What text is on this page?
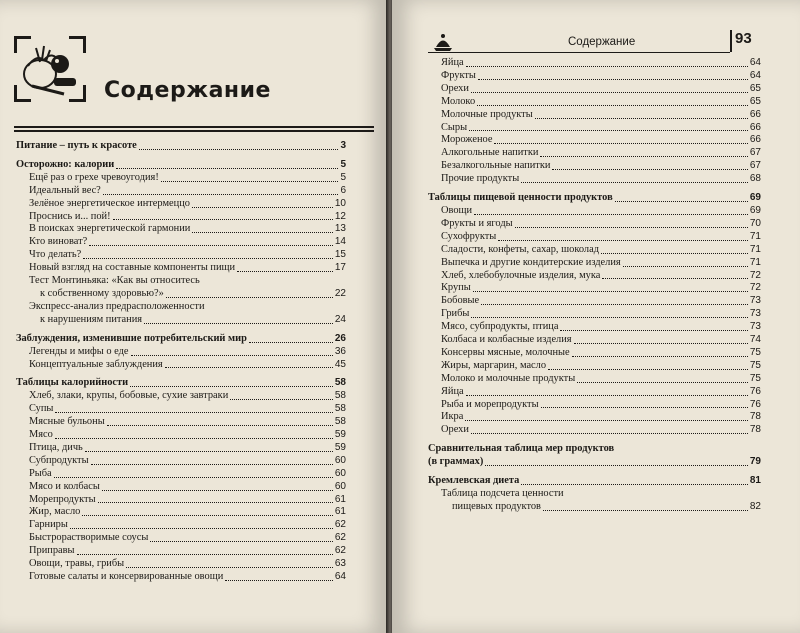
Содержание
Питание – путь к красоте	3
Осторожно: калории	5
Ещё раз о грехе чревоугодия!	5
Идеальный вес?	6
Зелёное энергетическое интермеццо	10
Проснись и... пой!	12
В поисках энергетической гармонии	13
Кто виноват?	14
Что делать?	15
Новый взгляд на составные компоненты пищи	17
Тест Монтиньяка: «Как вы относитесь
к собственному здоровью?»	22
Экспресс-анализ предрасположенности
к нарушениям питания	24
Заблуждения, изменившие потребительский мир	26
Легенды и мифы о еде	36
Концептуальные заблуждения	45
Таблицы калорийности	58
Хлеб, злаки, крупы, бобовые, сухие завтраки	58
Супы	58
Мясные бульоны	58
Мясо	59
Птица, дичь	59
Субпродукты	60
Рыба	60
Мясо и колбасы	60
Морепродукты	61
Жир, масло	61
Гарниры	62
Быстрорастворимые соусы	62
Приправы	62
Овощи, травы, грибы	63
Готовые салаты и консервированные овощи	64
Содержание	93
Яйца	64
Фрукты	64
Орехи	65
Молоко	65
Молочные продукты	66
Сыры	66
Мороженое	66
Алкогольные напитки	67
Безалкогольные напитки	67
Прочие продукты	68
Таблицы пищевой ценности продуктов	69
Овощи	69
Фрукты и ягоды	70
Сухофрукты	71
Сладости, конфеты, сахар, шоколад	71
Выпечка и другие кондитерские изделия	71
Хлеб, хлебобулочные изделия, мука	72
Крупы	72
Бобовые	73
Грибы	73
Мясо, субпродукты, птица	73
Колбаса и колбасные изделия	74
Консервы мясные, молочные	75
Жиры, маргарин, масло	75
Молоко и молочные продукты	75
Яйца	76
Рыба и морепродукты	76
Икра	78
Орехи	78
Сравнительная таблица мер продуктов
(в граммах)	79
Кремлевская диета	81
Таблица подсчета ценности
пищевых продуктов	82
